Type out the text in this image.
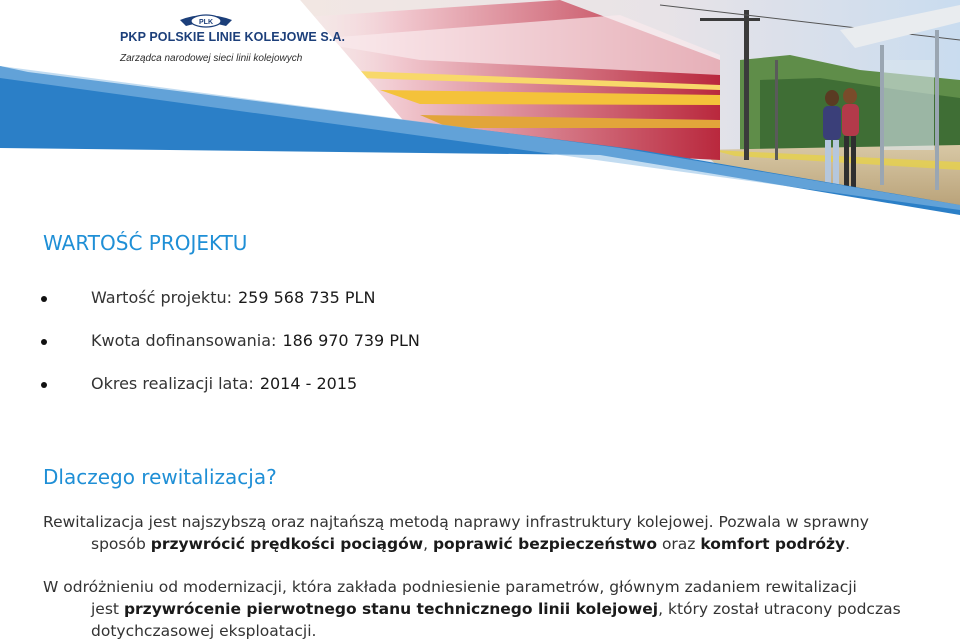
PLK
PKP POLSKIE LINIE KOLEJOWE S.A.
Zarządca narodowej sieci linii kolejowych
WARTOŚĆ PROJEKTU
Wartość projektu: 259 568 735 PLN
Kwota dofinansowania: 186 970 739 PLN
Okres realizacji lata: 2014 - 2015
Dlaczego rewitalizacja?

Rewitalizacja jest najszybszą oraz najtańszą metodą naprawy infrastruktury kolejowej. Pozwala w sprawny
sposób przywrócić prędkości pociągów, poprawić bezpieczeństwo oraz komfort podróży.

W odróżnieniu od modernizacji, która zakłada podniesienie parametrów, głównym zadaniem rewitalizacji
jest przywrócenie pierwotnego stanu technicznego linii kolejowej, który został utracony podczas
dotychczasowej eksploatacji.
